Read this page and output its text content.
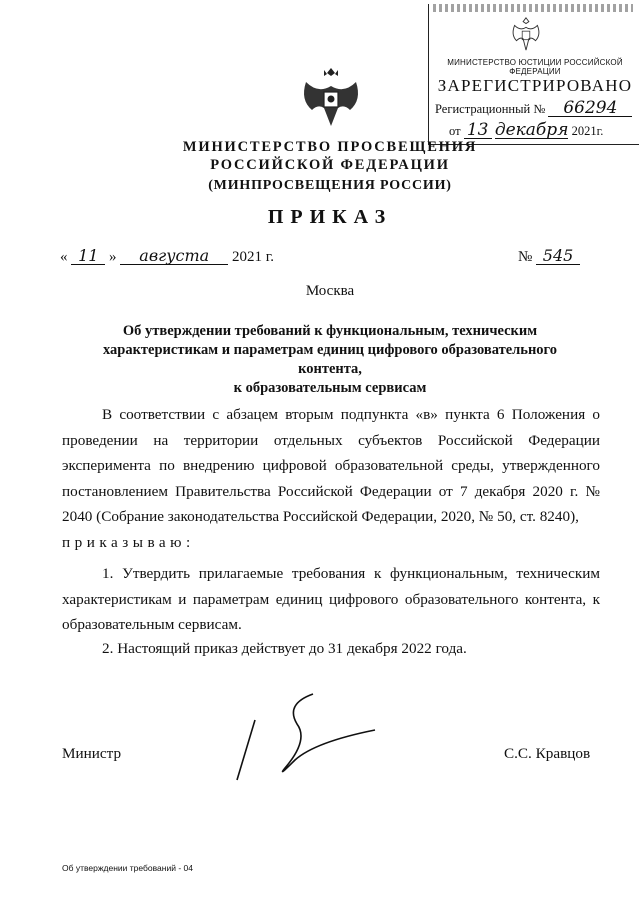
МИНИСТЕРСТВО ЮСТИЦИИ РОССИЙСКОЙ ФЕДЕРАЦИИ
ЗАРЕГИСТРИРОВАНО
Регистрационный № 66294
от 13 декабря 2021г.
МИНИСТЕРСТВО ПРОСВЕЩЕНИЯ
РОССИЙСКОЙ ФЕДЕРАЦИИ
(МИНПРОСВЕЩЕНИЯ РОССИИ)
ПРИКАЗ
« 11 » августа 2021 г.	№ 545
Москва
Об утверждении требований к функциональным, техническим
характеристикам и параметрам единиц цифрового образовательного контента,
к образовательным сервисам
В соответствии с абзацем вторым подпункта «в» пункта 6 Положения о проведении на территории отдельных субъектов Российской Федерации эксперимента по внедрению цифровой образовательной среды, утвержденного постановлением Правительства Российской Федерации от 7 декабря 2020 г. № 2040 (Собрание законодательства Российской Федерации, 2020, № 50, ст. 8240),
приказываю:
1. Утвердить прилагаемые требования к функциональным, техническим характеристикам и параметрам единиц цифрового образовательного контента, к образовательным сервисам.
2. Настоящий приказ действует до 31 декабря 2022 года.
Министр	С.С. Кравцов
Об утверждении требований - 04
